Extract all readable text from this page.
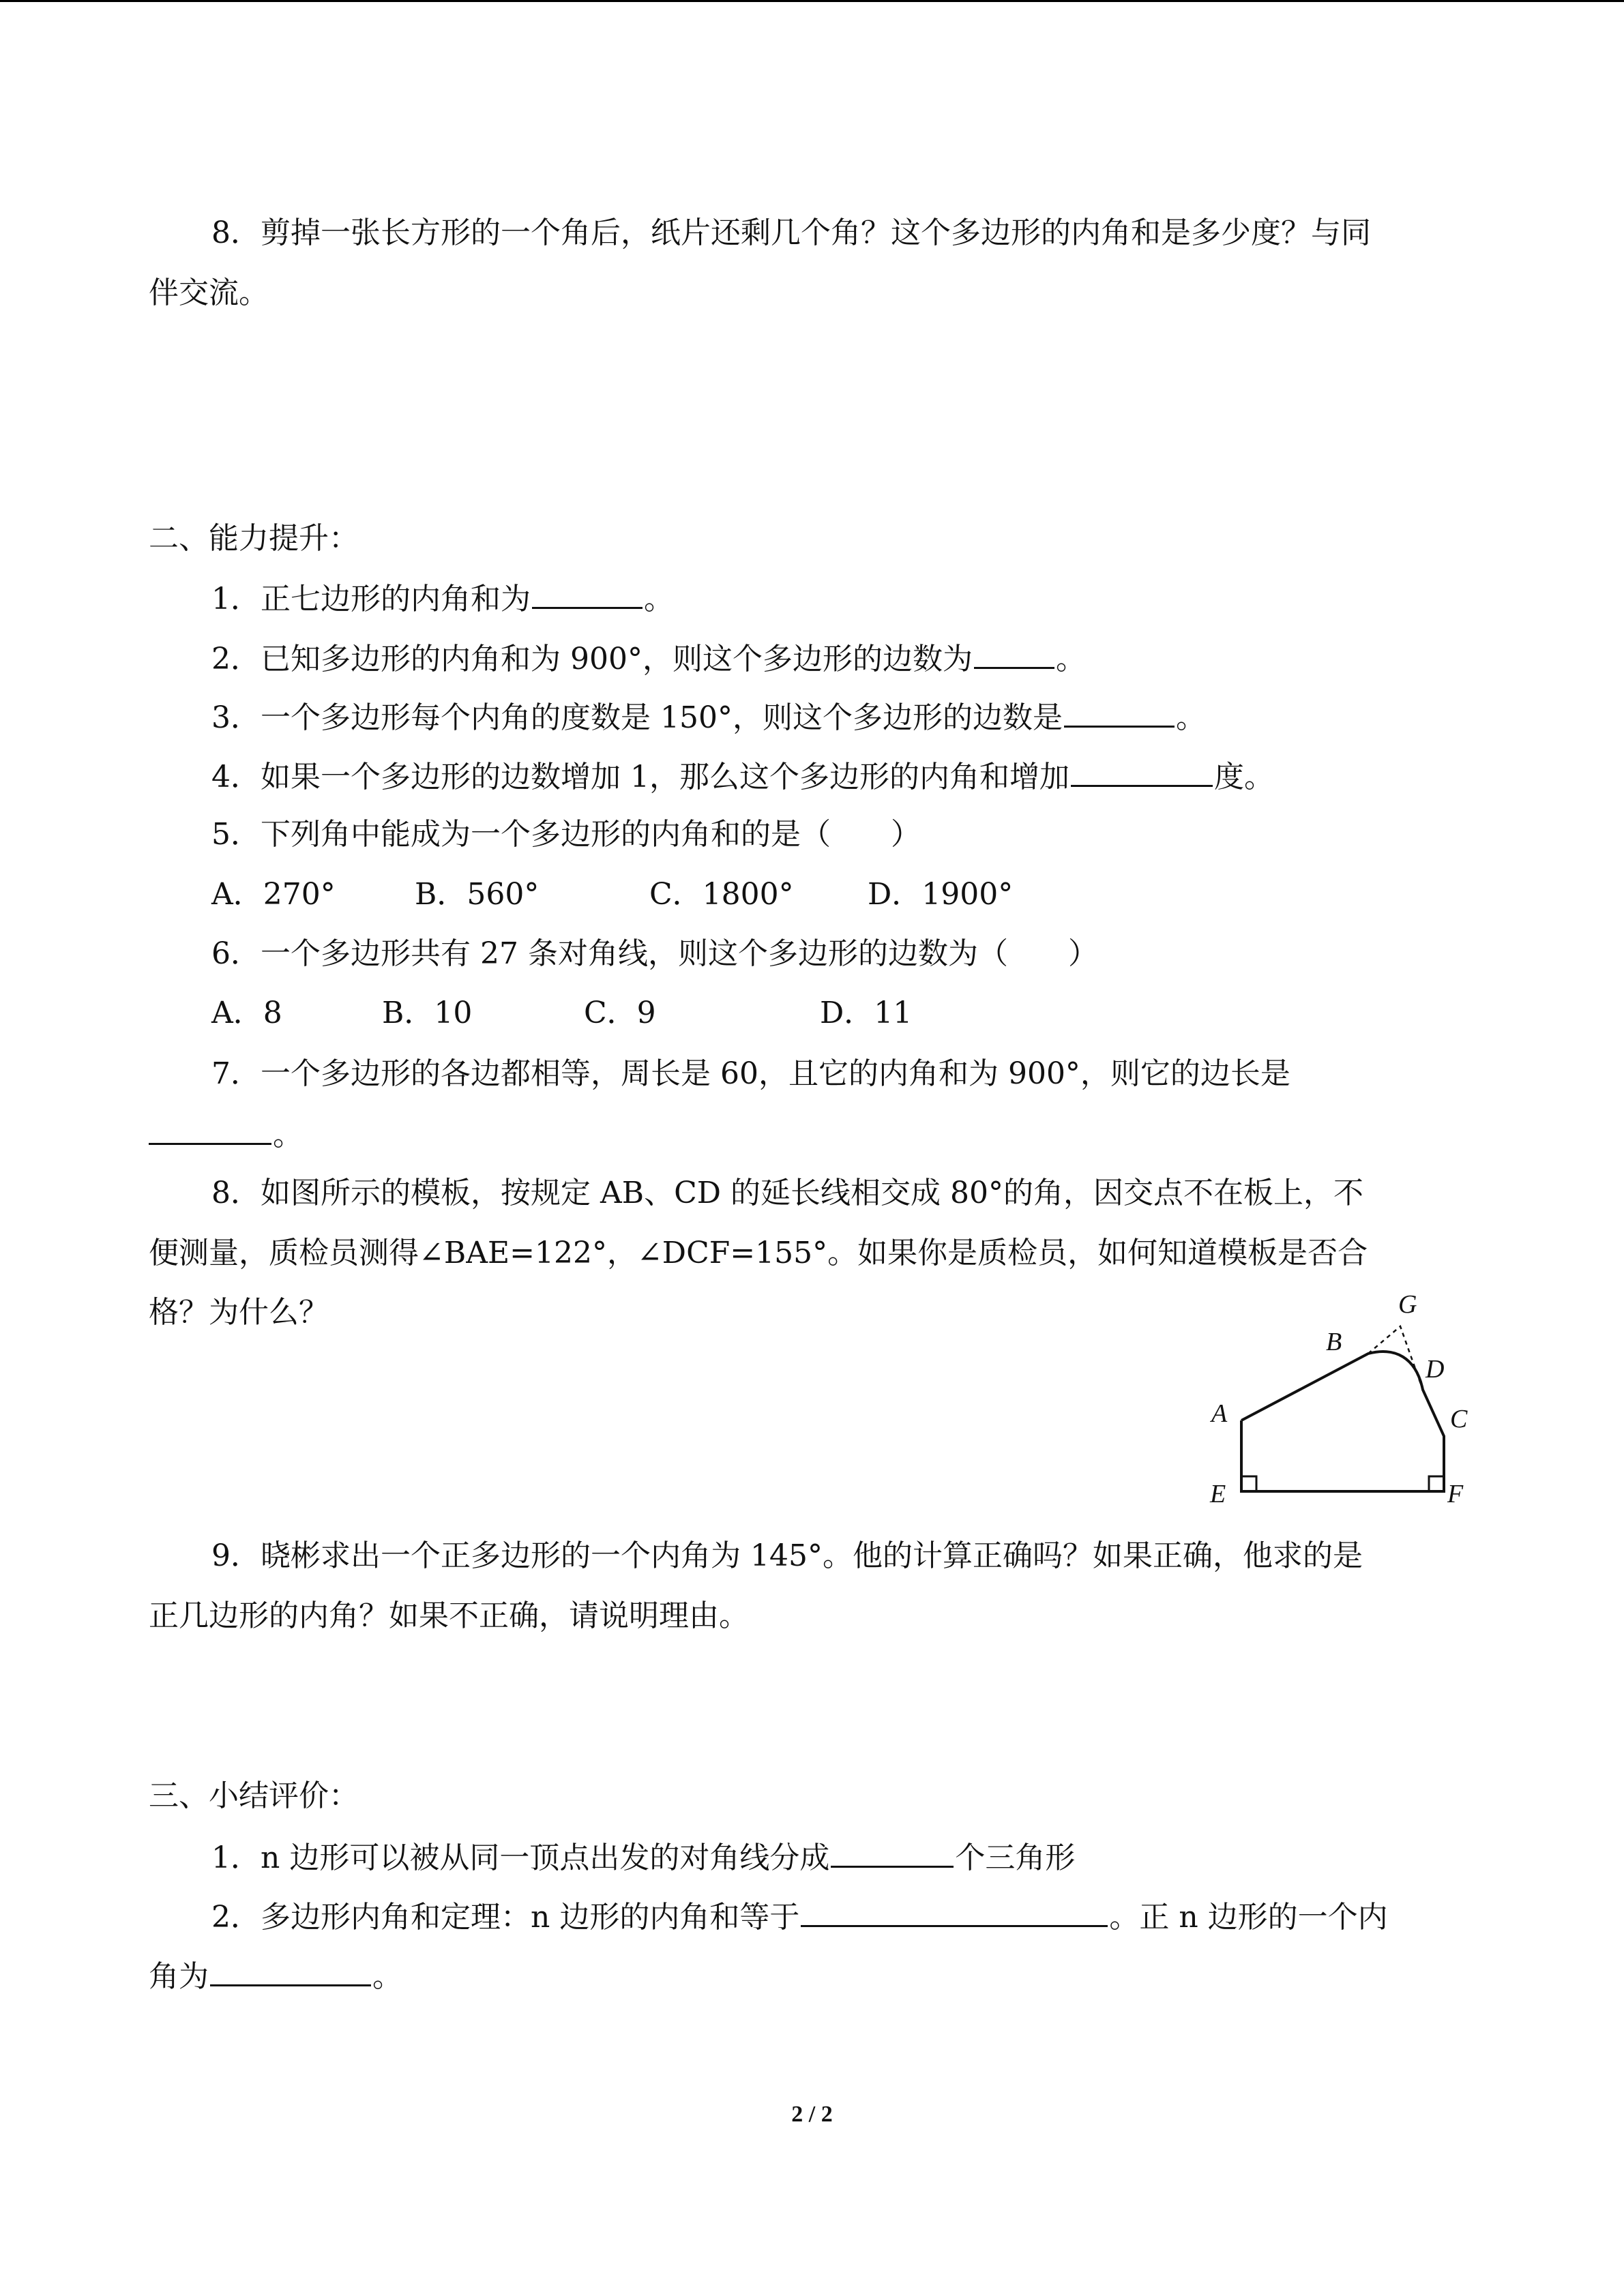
8．剪掉一张长方形的一个角后，纸片还剩几个角？这个多边形的内角和是多少度？与同
伴交流。
二、能力提升：
1．正七边形的内角和为	。
2．已知多边形的内角和为 900°，则这个多边形的边数为	。
3．一个多边形每个内角的度数是 150°，则这个多边形的边数是	。
4．如果一个多边形的边数增加 1，那么这个多边形的内角和增加	度。
5．下列角中能成为一个多边形的内角和的是（　　）
A．270°	B．560°	C．1800° D．1900°
6．一个多边形共有 27 条对角线，则这个多边形的边数为（　　）
A．8	B．10	C．9	D．11
7．一个多边形的各边都相等，周长是 60，且它的内角和为 900°，则它的边长是
。
8．如图所示的模板，按规定 AB、CD 的延长线相交成 80°的角，因交点不在板上，不
便测量，质检员测得∠BAE=122°，∠DCF=155°。如果你是质检员，如何知道模板是否合
格？为什么？	G
B
D
A	C
E	F
9．晓彬求出一个正多边形的一个内角为 145°。他的计算正确吗？如果正确，他求的是
正几边形的内角？如果不正确，请说明理由。
三、小结评价：
1．n 边形可以被从同一顶点出发的对角线分成	个三角形
2．多边形内角和定理：n 边形的内角和等于	。正 n 边形的一个内
角为	。
2 / 2
